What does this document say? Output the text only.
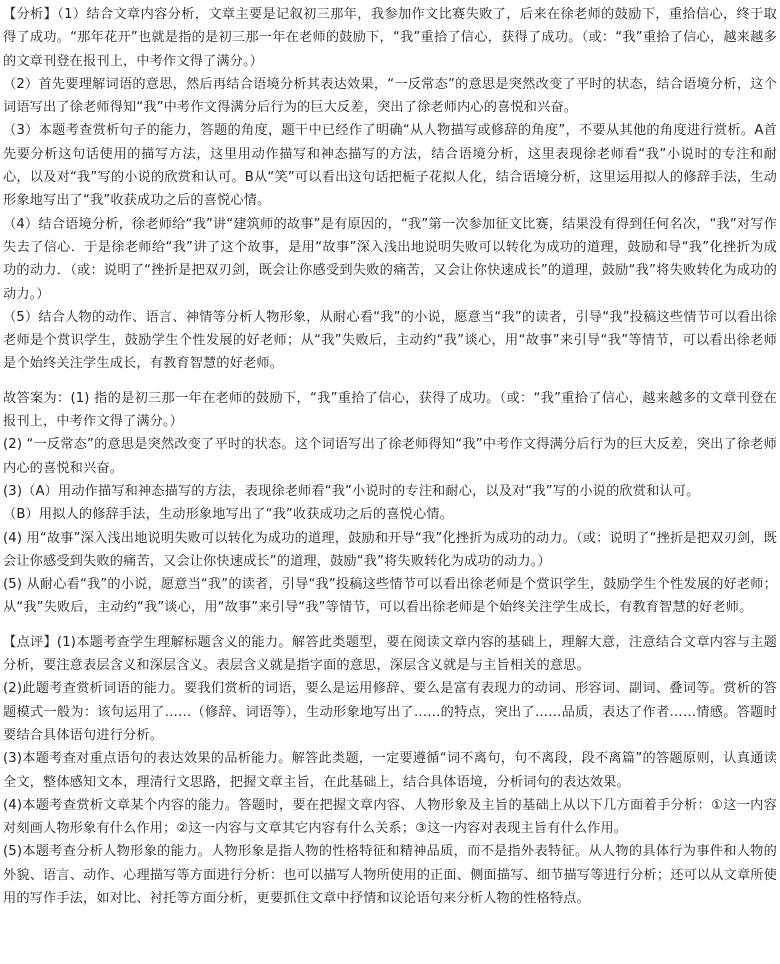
【分析】（1）结合文章内容分析，文章主要是记叙初三那年，我参加作文比赛失败了，后来在徐老师的鼓励下，重拾信心，终于取得了成功。“那年花开”也就是指的是初三那一年在老师的鼓励下，“我”重拾了信心，获得了成功。（或：“我”重拾了信心，越来越多的文章刊登在报刊上，中考作文得了满分。）

（2）首先要理解词语的意思，然后再结合语境分析其表达效果，“一反常态”的意思是突然改变了平时的状态，结合语境分析，这个词语写出了徐老师得知“我”中考作文得满分后行为的巨大反差，突出了徐老师内心的喜悦和兴奋。

（3）本题考查赏析句子的能力，答题的角度，题干中已经作了明确“从人物描写或修辞的角度”，不要从其他的角度进行赏析。A首先要分析这句话使用的描写方法，这里用动作描写和神态描写的方法，结合语境分析，这里表现徐老师看“我”小说时的专注和耐心，以及对“我”写的小说的欣赏和认可。B从“笑”可以看出这句话把栀子花拟人化，结合语境分析，这里运用拟人的修辞手法，生动形象地写出了“我”收获成功之后的喜悦心情。

（4）结合语境分析，徐老师给“我”讲“建筑师的故事”是有原因的，“我”第一次参加征文比赛，结果没有得到任何名次，“我”对写作失去了信心．于是徐老师给“我”讲了这个故事，是用“故事”深入浅出地说明失败可以转化为成功的道理，鼓励和导“我”化挫折为成功的动力．（或：说明了“挫折是把双刃剑，既会让你感受到失败的痛苦，又会让你快速成长”的道理，鼓励“我”将失败转化为成功的动力。）

（5）结合人物的动作、语言、神情等分析人物形象，从耐心看“我”的小说，愿意当“我”的读者，引导“我”投稿这些情节可以看出徐老师是个赏识学生，鼓励学生个性发展的好老师；从“我”失败后，主动约“我”谈心，用“故事”来引导“我”等情节，可以看出徐老师是个始终关注学生成长，有教育智慧的好老师。

故答案为：(1) 指的是初三那一年在老师的鼓励下，“我”重拾了信心，获得了成功。（或：“我”重拾了信心，越来越多的文章刊登在报刊上，中考作文得了满分。）

(2) “一反常态”的意思是突然改变了平时的状态。这个词语写出了徐老师得知“我”中考作文得满分后行为的巨大反差，突出了徐老师内心的喜悦和兴奋。

(3)（A）用动作描写和神态描写的方法，表现徐老师看“我”小说时的专注和耐心，以及对“我”写的小说的欣赏和认可。

（B）用拟人的修辞手法，生动形象地写出了“我”收获成功之后的喜悦心情。

(4) 用“故事”深入浅出地说明失败可以转化为成功的道理，鼓励和开导“我”化挫折为成功的动力。（或：说明了“挫折是把双刃剑，既会让你感受到失败的痛苦，又会让你快速成长”的道理，鼓励“我”将失败转化为成功的动力。）

(5) 从耐心看“我”的小说，愿意当“我”的读者，引导“我”投稿这些情节可以看出徐老师是个赏识学生，鼓励学生个性发展的好老师；从“我”失败后，主动约“我”谈心，用“故事”来引导“我”等情节，可以看出徐老师是个始终关注学生成长，有教育智慧的好老师。

【点评】(1)本题考查学生理解标题含义的能力。解答此类题型，要在阅读文章内容的基础上，理解大意，注意结合文章内容与主题分析，要注意表层含义和深层含义。表层含义就是指字面的意思，深层含义就是与主旨相关的意思。

(2)此题考查赏析词语的能力。要我们赏析的词语，要么是运用修辞、要么是富有表现力的动词、形容词、副词、叠词等。赏析的答题模式一般为：该句运用了……（修辞、词语等），生动形象地写出了……的特点，突出了……品质，表达了作者……情感。答题时要结合具体语句进行分析。

(3)本题考查对重点语句的表达效果的品析能力。解答此类题，一定要遵循“词不离句，句不离段，段不离篇”的答题原则，认真通读全文，整体感知文本，理清行文思路，把握文章主旨，在此基础上，结合具体语境，分析词句的表达效果。

(4)本题考查赏析文章某个内容的能力。答题时，要在把握文章内容、人物形象及主旨的基础上从以下几方面着手分析：①这一内容对刻画人物形象有什么作用；②这一内容与文章其它内容有什么关系；③这一内容对表现主旨有什么作用。

(5)本题考查分析人物形象的能力。人物形象是指人物的性格特征和精神品质，而不是指外表特征。从人物的具体行为事件和人物的外貌、语言、动作、心理描写等方面进行分析：也可以描写人物所使用的正面、侧面描写、细节描写等进行分析；还可以从文章所使用的写作手法，如对比、衬托等方面分析，更要抓住文章中抒情和议论语句来分析人物的性格特点。
